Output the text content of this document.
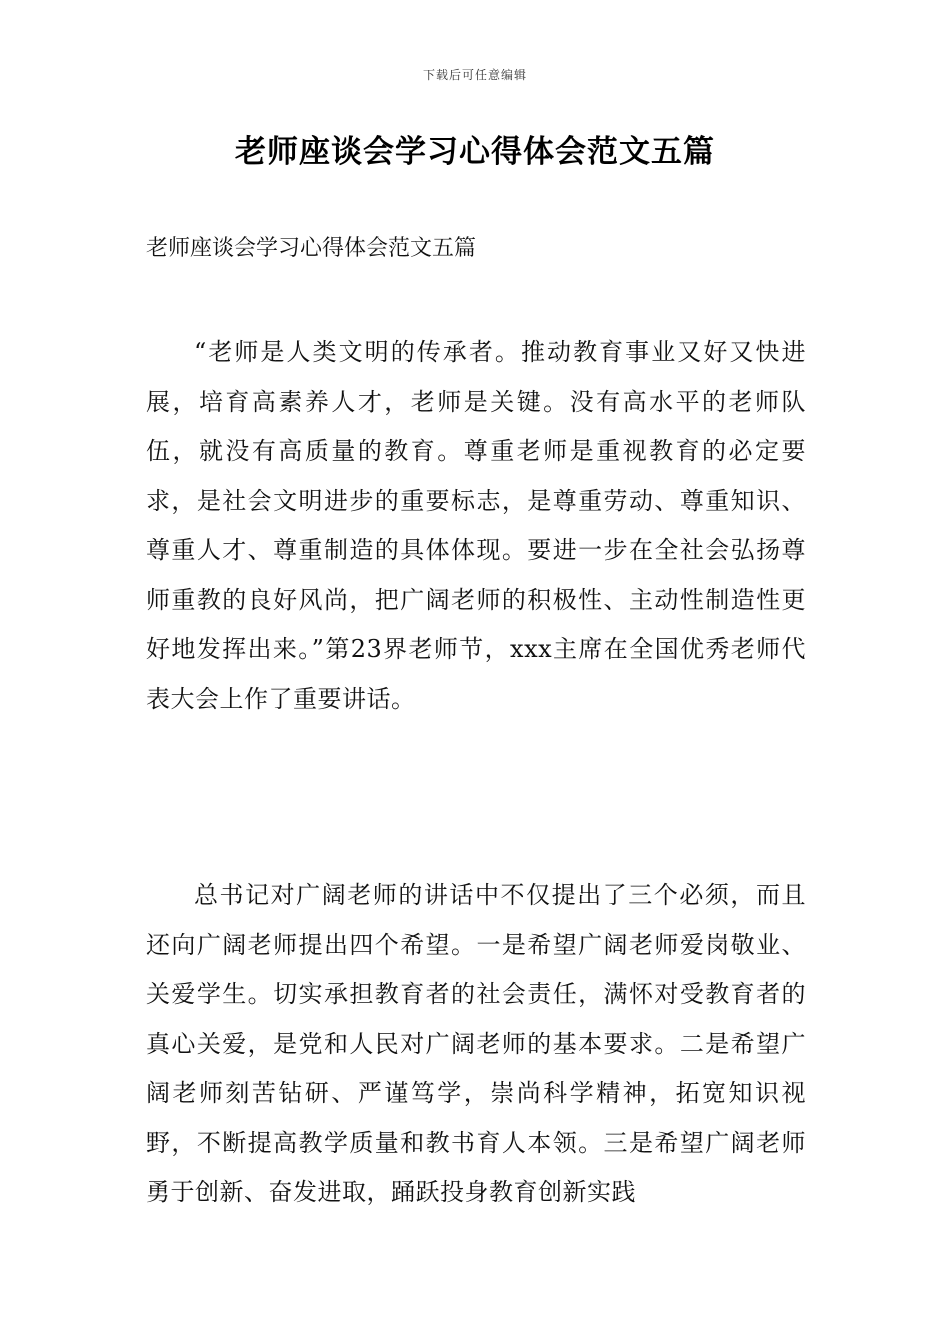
下载后可任意编辑
老师座谈会学习心得体会范文五篇

老师座谈会学习心得体会范文五篇

“老师是人类文明的传承者。推动教育事业又好又快进展，培育高素养人才，老师是关键。没有高水平的老师队伍，就没有高质量的教育。尊重老师是重视教育的必定要求，是社会文明进步的重要标志，是尊重劳动、尊重知识、尊重人才、尊重制造的具体体现。要进一步在全社会弘扬尊师重教的良好风尚，把广阔老师的积极性、主动性制造性更好地发挥出来。”第23界老师节，xxx主席在全国优秀老师代表大会上作了重要讲话。

总书记对广阔老师的讲话中不仅提出了三个必须，而且还向广阔老师提出四个希望。一是希望广阔老师爱岗敬业、关爱学生。切实承担教育者的社会责任，满怀对受教育者的真心关爱，是党和人民对广阔老师的基本要求。二是希望广阔老师刻苦钻研、严谨笃学，崇尚科学精神，拓宽知识视野，不断提高教学质量和教书育人本领。三是希望广阔老师勇于创新、奋发进取，踊跃投身教育创新实践
